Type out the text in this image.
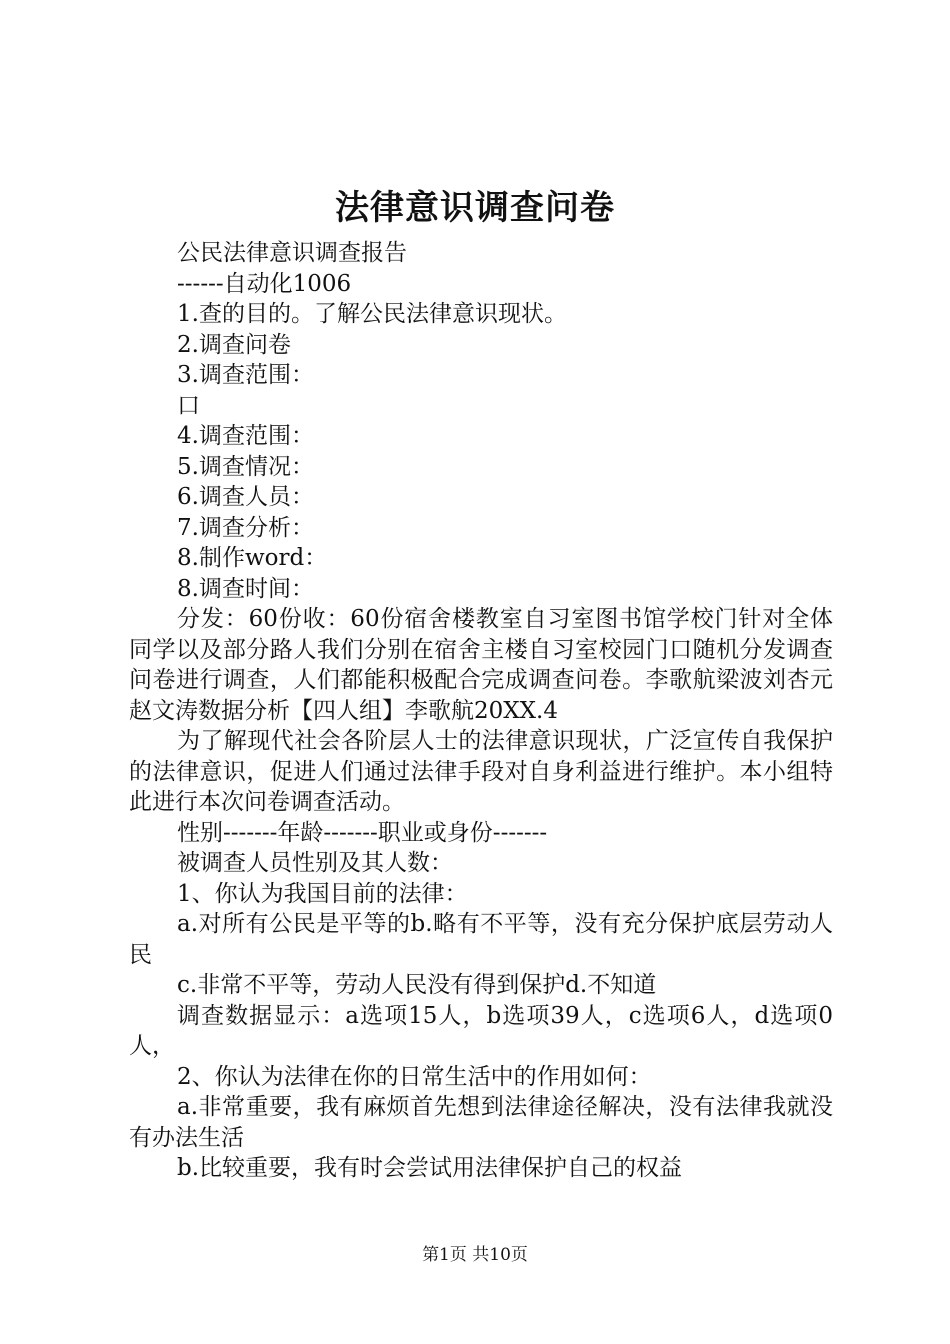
法律意识调查问卷

公民法律意识调查报告

------自动化1006

1.查的目的。了解公民法律意识现状。

2.调查问卷

3.调查范围：

口

4.调查范围：

5.调查情况：

6.调查人员：

7.调查分析：

8.制作word：

8.调查时间：

分发：60份收：60份宿舍楼教室自习室图书馆学校门针对全体同学以及部分路人我们分别在宿舍主楼自习室校园门口随机分发调查问卷进行调查，人们都能积极配合完成调查问卷。李歌航梁波刘杏元赵文涛数据分析【四人组】李歌航20XX.4

为了解现代社会各阶层人士的法律意识现状，广泛宣传自我保护的法律意识，促进人们通过法律手段对自身利益进行维护。本小组特此进行本次问卷调查活动。

性别-------年龄-------职业或身份-------

被调查人员性别及其人数：

1、你认为我国目前的法律：

a.对所有公民是平等的b.略有不平等，没有充分保护底层劳动人民

c.非常不平等，劳动人民没有得到保护d.不知道

调查数据显示：a选项15人，b选项39人，c选项6人，d选项0人，

2、你认为法律在你的日常生活中的作用如何：

a.非常重要，我有麻烦首先想到法律途径解决，没有法律我就没有办法生活

b.比较重要，我有时会尝试用法律保护自己的权益

第1页 共10页
